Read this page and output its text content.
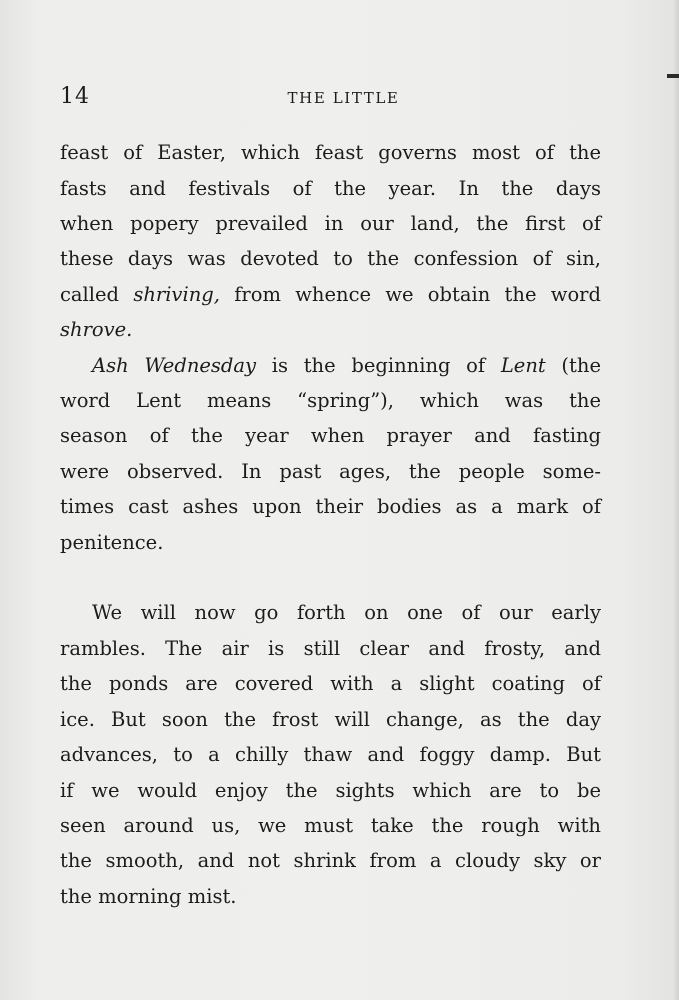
14	THE LITTLE
feast of Easter, which feast governs most of the
fasts and festivals of the year. In the days
when popery prevailed in our land, the first of
these days was devoted to the confession of sin,
called shriving, from whence we obtain the word
shrove.
Ash Wednesday is the beginning of Lent (the
word Lent means “spring”), which was the
season of the year when prayer and fasting
were observed. In past ages, the people some-
times cast ashes upon their bodies as a mark of
penitence.
We will now go forth on one of our early
rambles. The air is still clear and frosty, and
the ponds are covered with a slight coating of
ice. But soon the frost will change, as the day
advances, to a chilly thaw and foggy damp. But
if we would enjoy the sights which are to be
seen around us, we must take the rough with
the smooth, and not shrink from a cloudy sky or
the morning mist.
